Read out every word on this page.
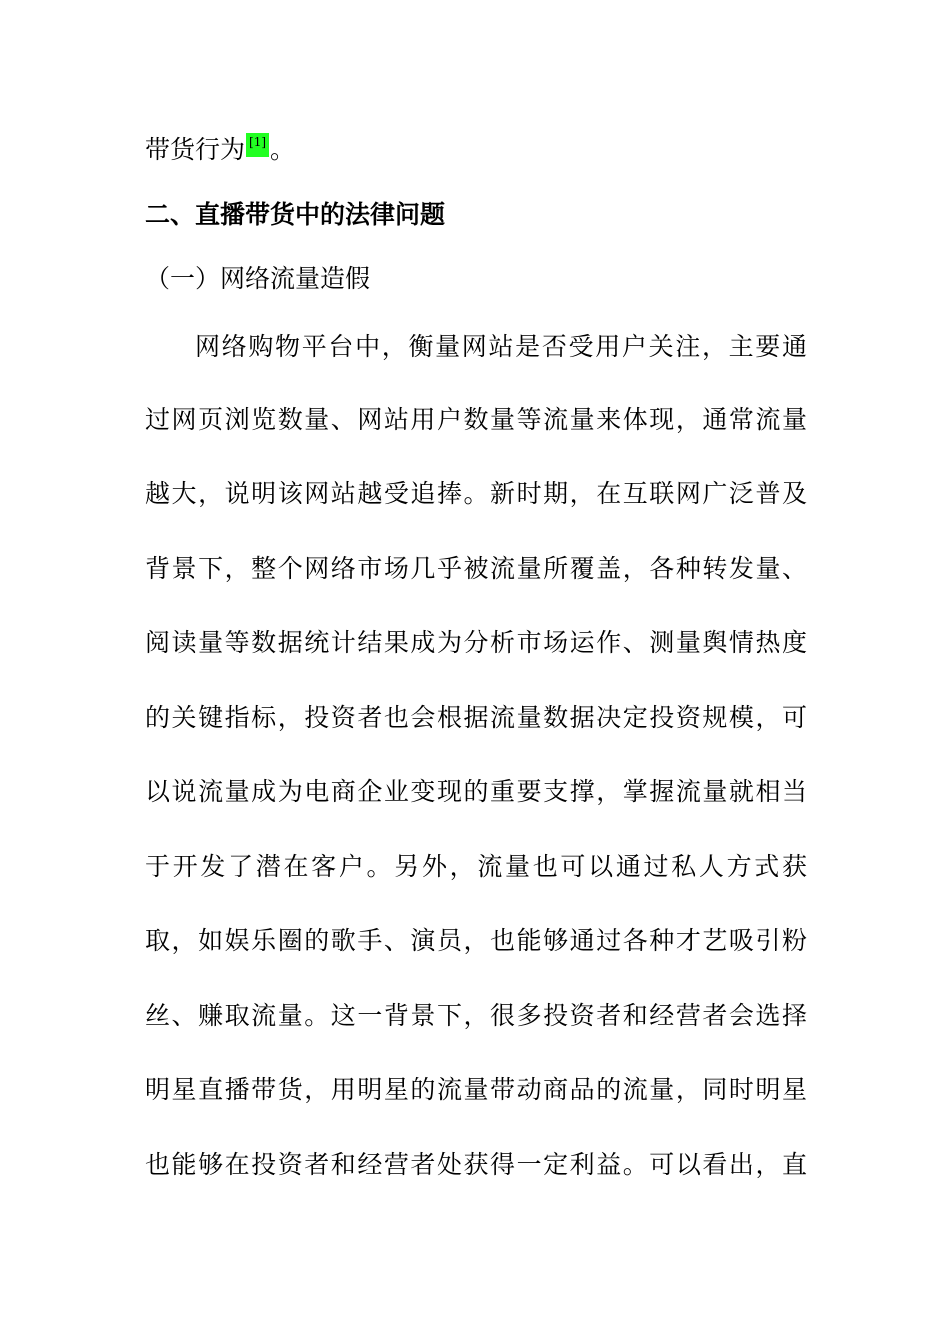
带货行为 [1] 。
二、直播带货中的法律问题
（一）网络流量造假
网络购物平台中，衡量网站是否受用户关注，主要通
过网页浏览数量、网站用户数量等流量来体现，通常流量
越大，说明该网站越受追捧。新时期，在互联网广泛普及
背景下，整个网络市场几乎被流量所覆盖，各种转发量、
阅读量等数据统计结果成为分析市场运作、测量舆情热度
的关键指标，投资者也会根据流量数据决定投资规模，可
以说流量成为电商企业变现的重要支撑，掌握流量就相当
于开发了潜在客户。另外，流量也可以通过私人方式获
取，如娱乐圈的歌手、演员，也能够通过各种才艺吸引粉
丝、赚取流量。这一背景下，很多投资者和经营者会选择
明星直播带货，用明星的流量带动商品的流量，同时明星
也能够在投资者和经营者处获得一定利益。可以看出，直
